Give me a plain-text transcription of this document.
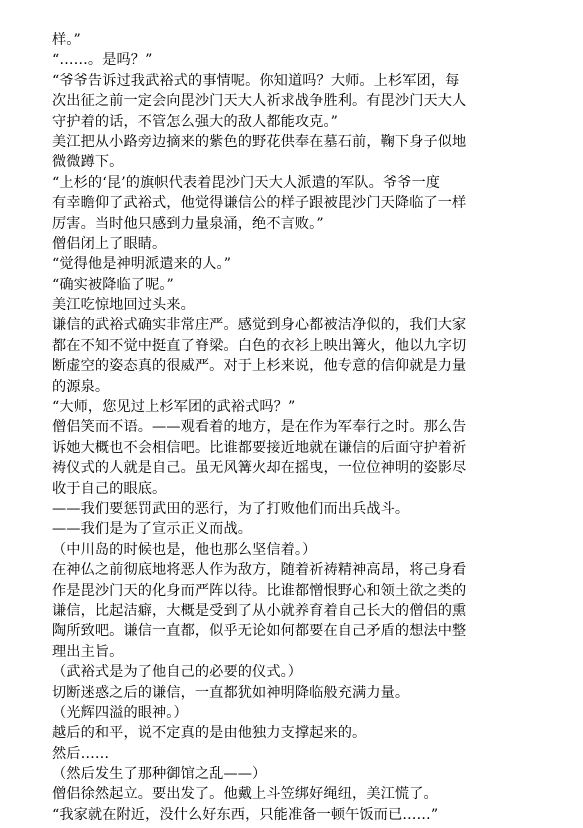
样。”
“……。是吗？”
“爷爷告诉过我武裕式的事情呢。你知道吗？大师。上杉军团，每
次出征之前一定会向毘沙门天大人祈求战争胜利。有毘沙门天大人
守护着的话，不管怎么强大的敌人都能攻克。”
美江把从小路旁边摘来的紫色的野花供奉在墓石前，鞠下身子似地
微微蹲下。
“上杉的‘昆’的旗帜代表着毘沙门天大人派遣的军队。爷爷一度
有幸瞻仰了武裕式，他觉得谦信公的样子跟被毘沙门天降临了一样
厉害。当时他只感到力量泉涌，绝不言败。”
僧侣闭上了眼睛。
“觉得他是神明派遣来的人。”
“确实被降临了呢。”
美江吃惊地回过头来。
谦信的武裕式确实非常庄严。感觉到身心都被洁净似的，我们大家
都在不知不觉中挺直了脊梁。白色的衣衫上映出篝火，他以九字切
断虚空的姿态真的很威严。对于上杉来说，他专意的信仰就是力量
的源泉。
“大师，您见过上杉军团的武裕式吗？”
僧侣笑而不语。——观看着的地方，是在作为军奉行之时。那么告
诉她大概也不会相信吧。比谁都要接近地就在谦信的后面守护着祈
祷仪式的人就是自己。虽无风篝火却在摇曳，一位位神明的姿影尽
收于自己的眼底。
——我们要惩罚武田的恶行，为了打败他们而出兵战斗。
——我们是为了宣示正义而战。
（中川岛的时候也是，他也那么坚信着。）
在神仏之前彻底地将恶人作为敌方，随着祈祷精神高昂，将己身看
作是毘沙门天的化身而严阵以待。比谁都憎恨野心和领土欲之类的
谦信，比起洁癖，大概是受到了从小就养育着自己长大的僧侣的熏
陶所致吧。谦信一直都，似乎无论如何都要在自己矛盾的想法中整
理出主旨。
（武裕式是为了他自己的必要的仪式。）
切断迷惑之后的谦信，一直都犹如神明降临般充满力量。
（光辉四溢的眼神。）
越后的和平，说不定真的是由他独力支撑起来的。
然后……
（然后发生了那种御馆之乱——）
僧侣徐然起立。要出发了。他戴上斗笠绑好绳纽，美江慌了。
“我家就在附近，没什么好东西，只能准备一顿午饭而已……”
